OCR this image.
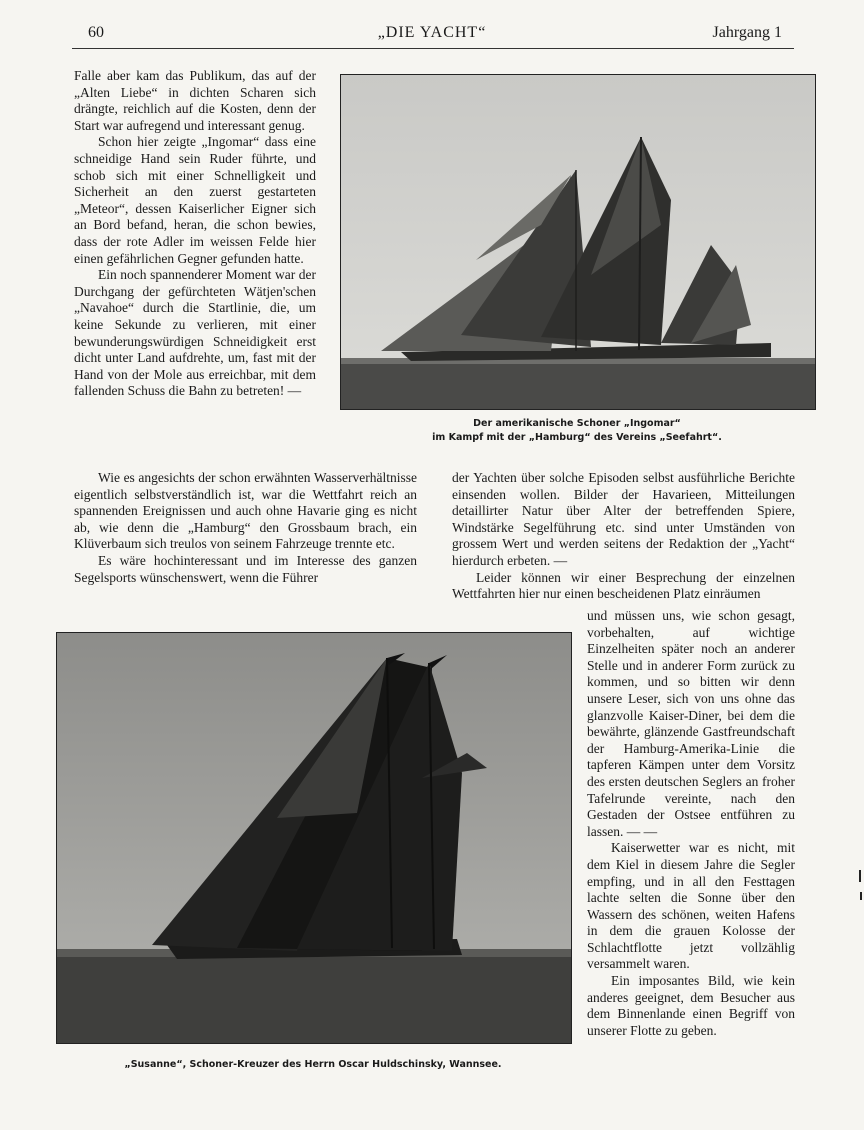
60	„DIE YACHT“	Jahrgang 1

Falle aber kam das Publikum, das auf der „Alten Liebe“ in dichten Scharen sich drängte, reichlich auf die Kosten, denn der Start war aufregend und interessant genug.

Schon hier zeigte „Ingomar“ dass eine schneidige Hand sein Ruder führte, und schob sich mit einer Schnelligkeit und Sicherheit an den zuerst gestarteten „Meteor“, dessen Kaiserlicher Eigner sich an Bord befand, heran, die schon bewies, dass der rote Adler im weissen Felde hier einen gefährlichen Gegner gefunden hatte.

Ein noch spannenderer Moment war der Durchgang der gefürchteten Wätjen'schen „Navahoe“ durch die Startlinie, die, um keine Sekunde zu verlieren, mit einer bewunderungswürdigen Schneidigkeit erst dicht unter Land aufdrehte, um, fast mit der Hand von der Mole aus erreichbar, mit dem fallenden Schuss die Bahn zu betreten! —

Der amerikanische Schoner „Ingomar“
im Kampf mit der „Hamburg“ des Vereins „Seefahrt“.

Wie es angesichts der schon erwähnten Wasserverhältnisse eigentlich selbstverständlich ist, war die Wettfahrt reich an spannenden Ereignissen und auch ohne Havarie ging es nicht ab, wie denn die „Hamburg“ den Grossbaum brach, ein Klüverbaum sich treulos von seinem Fahrzeuge trennte etc.

Es wäre hochinteressant und im Interesse des ganzen Segelsports wünschenswert, wenn die Führer

der Yachten über solche Episoden selbst ausführliche Berichte einsenden wollen. Bilder der Havarieen, Mitteilungen detaillirter Natur über Alter der betreffenden Spiere, Windstärke Segelführung etc. sind unter Umständen von grossem Wert und werden seitens der Redaktion der „Yacht“ hierdurch erbeten. —

Leider können wir einer Besprechung der einzelnen Wettfahrten hier nur einen bescheidenen Platz einräumen

„Susanne“, Schoner-Kreuzer des Herrn Oscar Huldschinsky, Wannsee.

und müssen uns, wie schon gesagt, vorbehalten, auf wichtige Einzelheiten später noch an anderer Stelle und in anderer Form zurück zu kommen, und so bitten wir denn unsere Leser, sich von uns ohne das glanzvolle Kaiser-Diner, bei dem die bewährte, glänzende Gastfreundschaft der Hamburg-Amerika-Linie die tapferen Kämpen unter dem Vorsitz des ersten deutschen Seglers an froher Tafelrunde vereinte, nach den Gestaden der Ostsee entführen zu lassen. — —

Kaiserwetter war es nicht, mit dem Kiel in diesem Jahre die Segler empfing, und in all den Festtagen lachte selten die Sonne über den Wassern des schönen, weiten Hafens in dem die grauen Kolosse der Schlachtflotte jetzt vollzählig versammelt waren.

Ein imposantes Bild, wie kein anderes geeignet, dem Besucher aus dem Binnenlande einen Begriff von unserer Flotte zu geben.
